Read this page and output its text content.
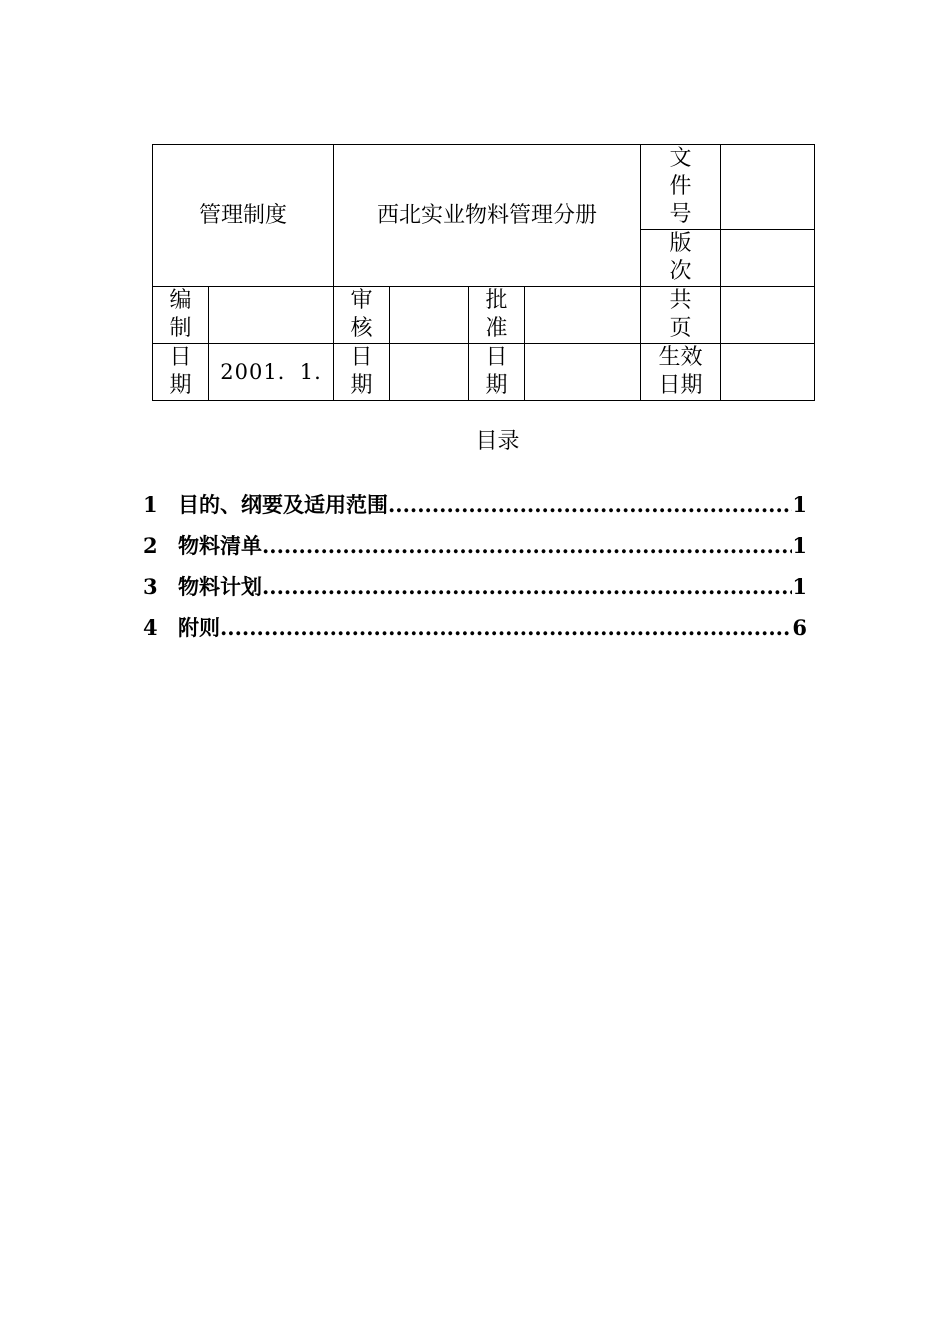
管理制度		西北实业物料管理分册				文件号	
						版次	
编制		审核		批准		共页	
日期	2001．1.	日期		日期		生效日期	
目录
1 目的、纲要及适用范围 .....	1
2 物料清单 .....	1
3 物料计划 .....	1
4 附则 .....	6
